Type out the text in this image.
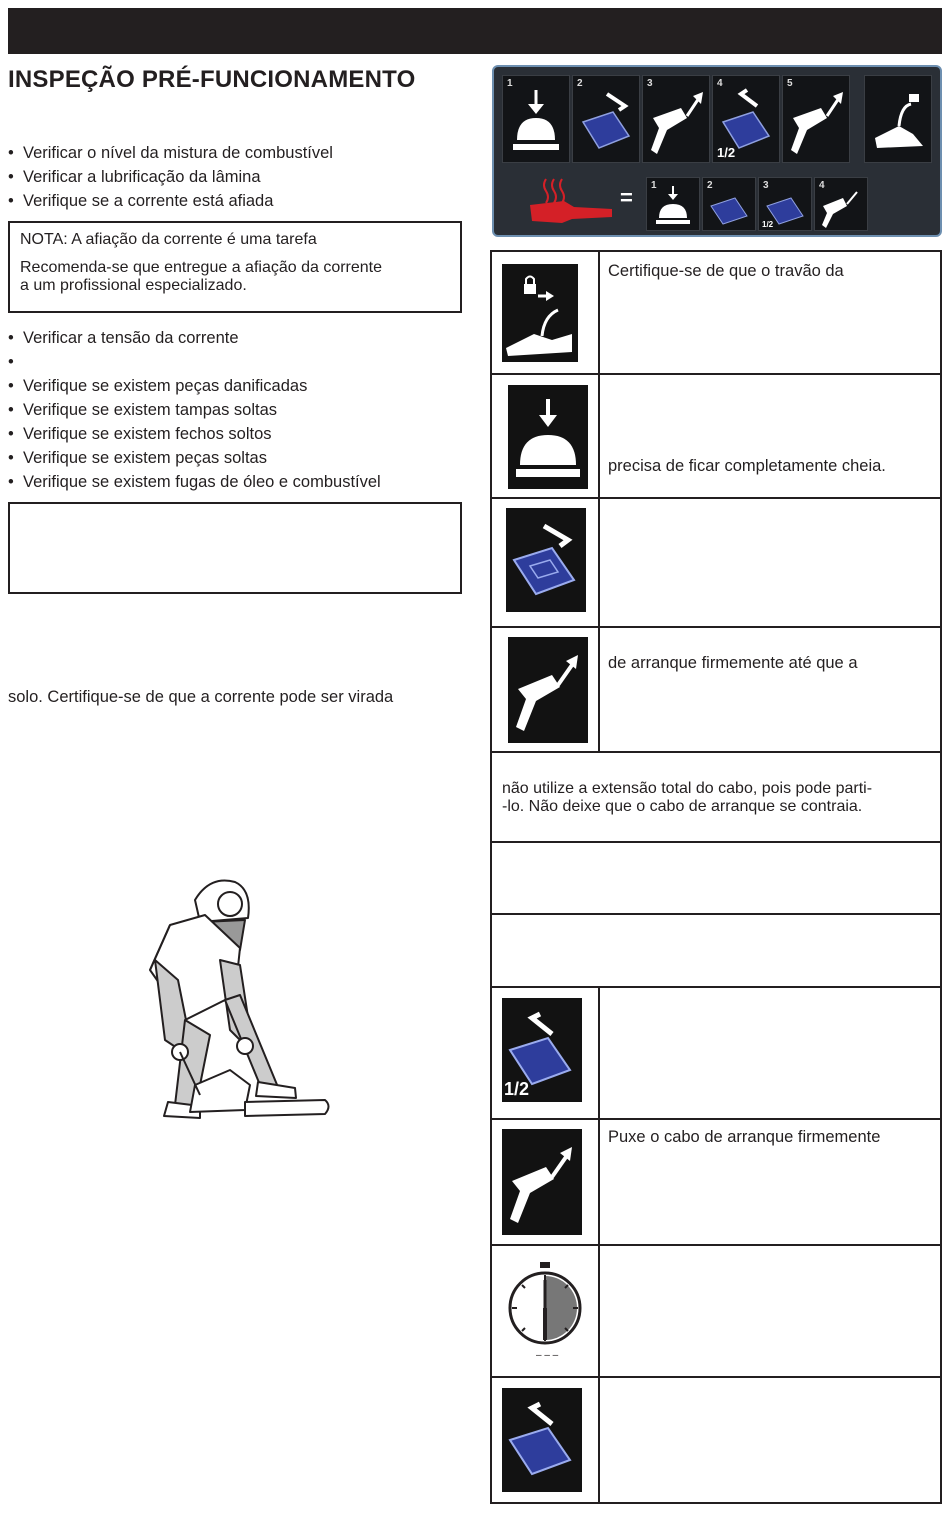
INSPEÇÃO PRÉ-FUNCIONAMENTO
• Verificar o nível da mistura de combustível
• Verificar a lubrificação da lâmina
• Verifique se a corrente está afiada

NOTA: A afiação da corrente é uma tarefa

Recomenda-se que entregue a afiação da corrente
a um profissional especializado.

• Verificar a tensão da corrente
•
• Verifique se existem peças danificadas
• Verifique se existem tampas soltas
• Verifique se existem fechos soltos
• Verifique se existem peças soltas
• Verifique se existem fugas de óleo e combustível
solo. Certifique-se de que a corrente pode ser virada
1	2	3	4
1/2
5
= 1	2	3
1/2
4
Certifique-se de que o travão da
precisa de ficar completamente cheia.
de arranque firmemente até que a
não utilize a extensão total do cabo, pois pode parti-
-lo. Não deixe que o cabo de arranque se contraia.
1/2
Puxe o cabo de arranque firmemente
– – –
